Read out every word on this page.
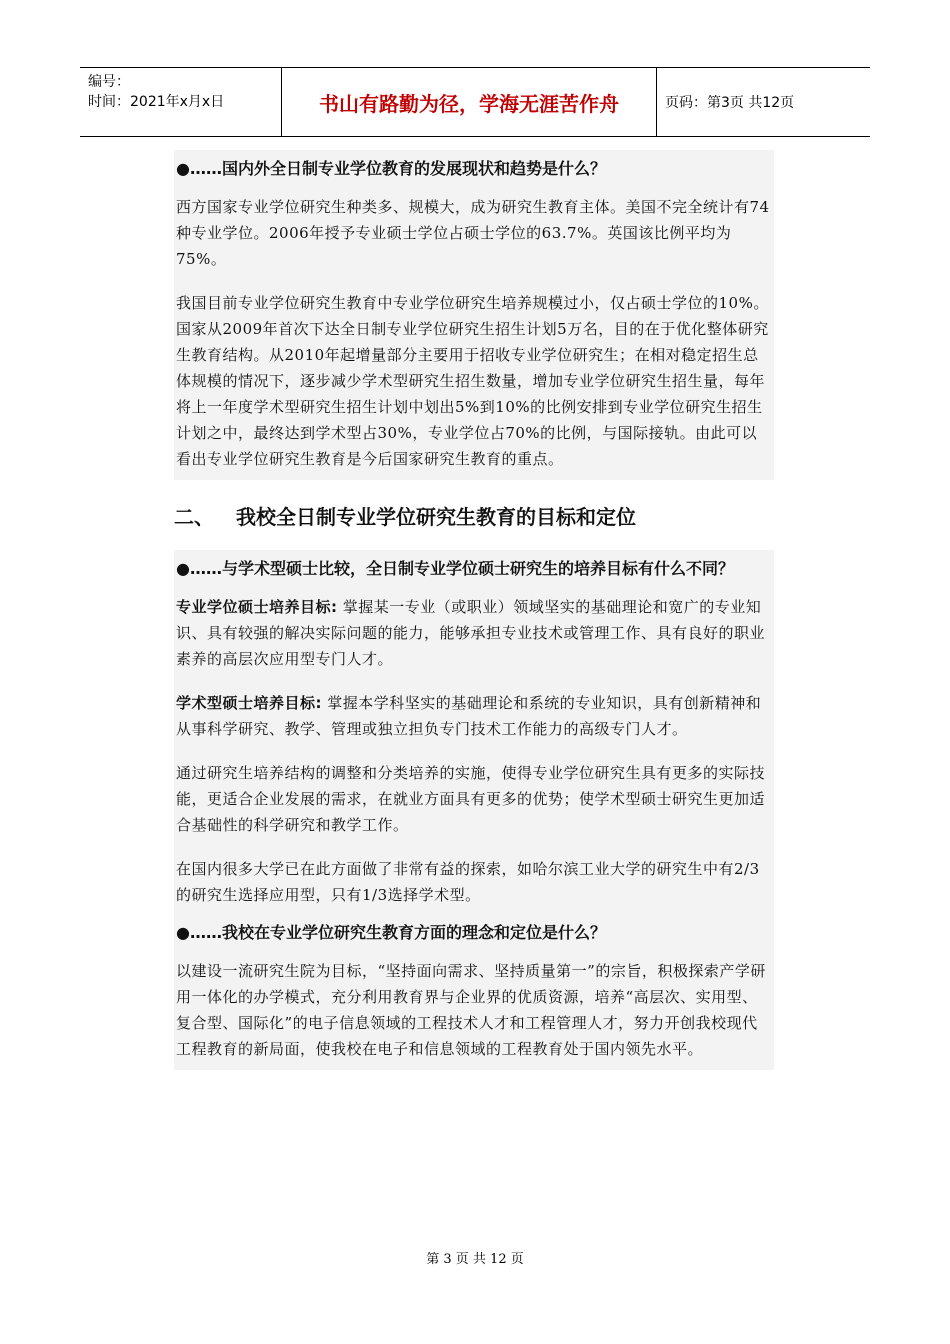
编号：
时间：2021年x月x日	书山有路勤为径，学海无涯苦作舟	页码：第3页 共12页

●……国内外全日制专业学位教育的发展现状和趋势是什么？

西方国家专业学位研究生种类多、规模大，成为研究生教育主体。美国不完全统计有74种专业学位。2006年授予专业硕士学位占硕士学位的63.7%。英国该比例平均为75%。

我国目前专业学位研究生教育中专业学位研究生培养规模过小，仅占硕士学位的10%。国家从2009年首次下达全日制专业学位研究生招生计划5万名，目的在于优化整体研究生教育结构。从2010年起增量部分主要用于招收专业学位研究生；在相对稳定招生总体规模的情况下，逐步减少学术型研究生招生数量，增加专业学位研究生招生量，每年将上一年度学术型研究生招生计划中划出5%到10%的比例安排到专业学位研究生招生计划之中，最终达到学术型占30%，专业学位占70%的比例，与国际接轨。由此可以看出专业学位研究生教育是今后国家研究生教育的重点。

二、 我校全日制专业学位研究生教育的目标和定位

●……与学术型硕士比较，全日制专业学位硕士研究生的培养目标有什么不同？

专业学位硕士培养目标: 掌握某一专业（或职业）领域坚实的基础理论和宽广的专业知识、具有较强的解决实际问题的能力，能够承担专业技术或管理工作、具有良好的职业素养的高层次应用型专门人才。

学术型硕士培养目标: 掌握本学科坚实的基础理论和系统的专业知识，具有创新精神和从事科学研究、教学、管理或独立担负专门技术工作能力的高级专门人才。

通过研究生培养结构的调整和分类培养的实施，使得专业学位研究生具有更多的实际技能，更适合企业发展的需求，在就业方面具有更多的优势；使学术型硕士研究生更加适合基础性的科学研究和教学工作。

在国内很多大学已在此方面做了非常有益的探索，如哈尔滨工业大学的研究生中有2/3 的研究生选择应用型，只有1/3选择学术型。

●……我校在专业学位研究生教育方面的理念和定位是什么？

以建设一流研究生院为目标，“坚持面向需求、坚持质量第一”的宗旨，积极探索产学研用一体化的办学模式，充分利用教育界与企业界的优质资源，培养“高层次、实用型、复合型、国际化”的电子信息领域的工程技术人才和工程管理人才，努力开创我校现代工程教育的新局面，使我校在电子和信息领域的工程教育处于国内领先水平。

第 3 页 共 12 页
